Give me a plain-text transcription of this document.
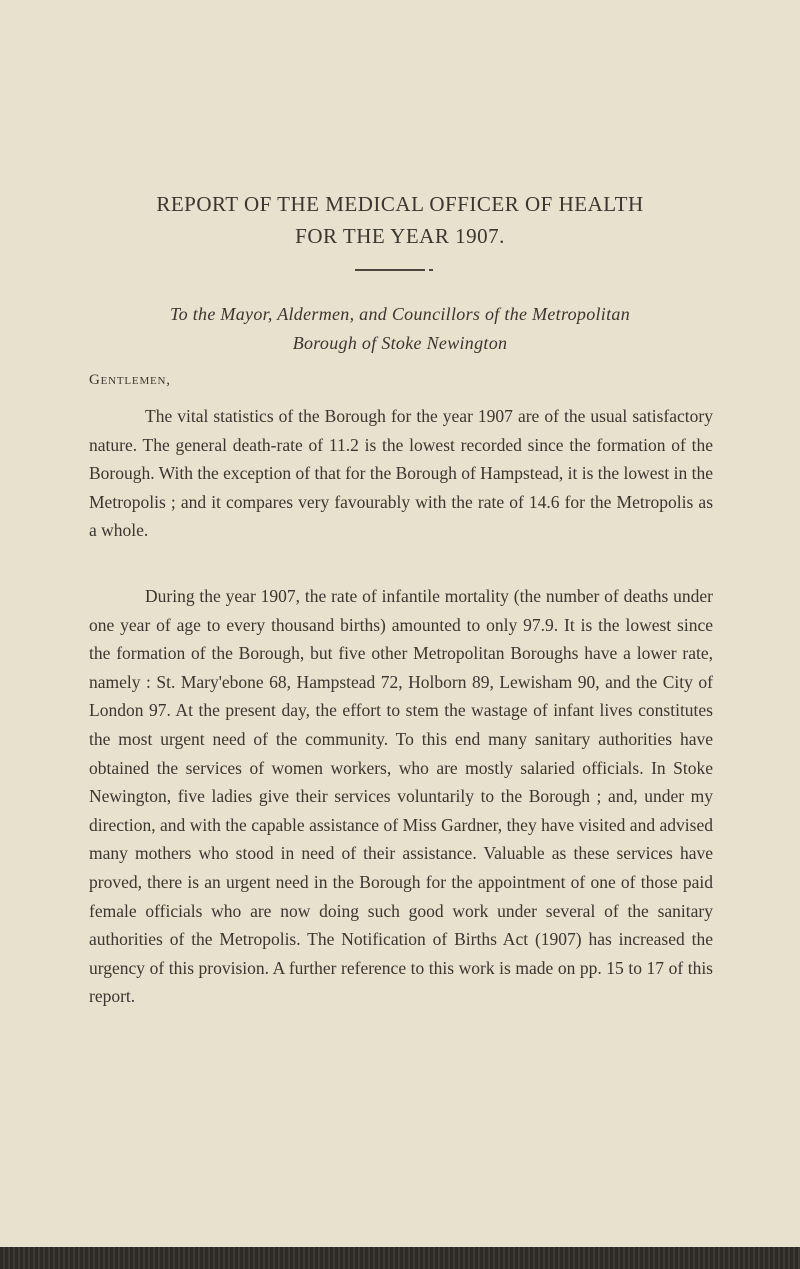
REPORT OF THE MEDICAL OFFICER OF HEALTH
FOR THE YEAR 1907.

To the Mayor, Aldermen, and Councillors of the Metropolitan

Borough of Stoke Newington

Gentlemen,

The vital statistics of the Borough for the year 1907 are of the usual satisfactory nature. The general death-rate of 11.2 is the lowest recorded since the formation of the Borough. With the exception of that for the Borough of Hampstead, it is the lowest in the Metropolis ; and it compares very favourably with the rate of 14.6 for the Metropolis as a whole.

During the year 1907, the rate of infantile mortality (the number of deaths under one year of age to every thousand births) amounted to only 97.9. It is the lowest since the formation of the Borough, but five other Metropolitan Boroughs have a lower rate, namely : St. Mary'ebone 68, Hampstead 72, Holborn 89, Lewisham 90, and the City of London 97. At the present day, the effort to stem the wastage of infant lives constitutes the most urgent need of the community. To this end many sanitary authorities have obtained the services of women workers, who are mostly salaried officials. In Stoke Newington, five ladies give their services voluntarily to the Borough ; and, under my direction, and with the capable assistance of Miss Gardner, they have visited and advised many mothers who stood in need of their assistance. Valuable as these services have proved, there is an urgent need in the Borough for the appointment of one of those paid female officials who are now doing such good work under several of the sanitary authorities of the Metropolis. The Notification of Births Act (1907) has increased the urgency of this provision. A further reference to this work is made on pp. 15 to 17 of this report.
